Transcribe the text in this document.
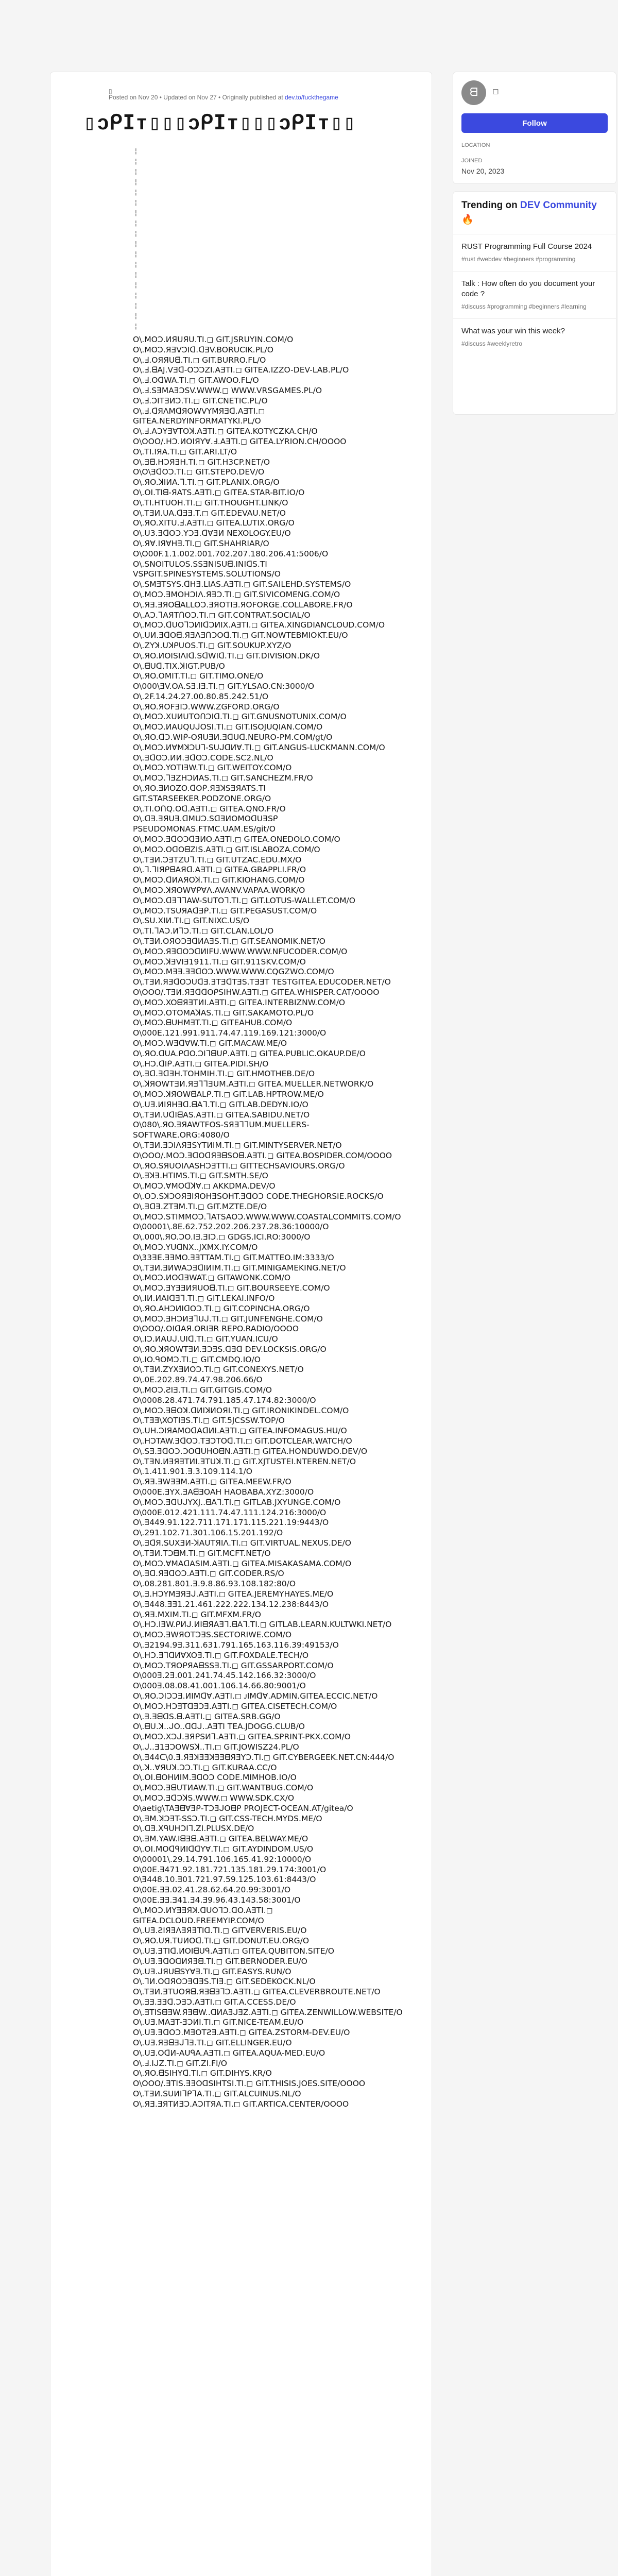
▯
Posted on Nov 20 • Updated on Nov 27 • Originally published at dev.to/fuckthegame
▯ᴐᑭIᴛ▯▯▯ᴐᑭIᴛ▯▯▯ᴐᑭIᴛ▯▯
¦
¦
¦
¦
¦
¦
¦
¦
¦
¦
¦
¦
¦
¦
¦
¦
¦
¦
O\.MOƆ.ИЯUЯU.TI.◻ GIT.JSRUYIN.COM/O
O\.MOƆ.ЯƎVƆIᗡ.ᗡƎV.BORUCIK.PL/O
O\.Ⅎ.OЯЯUᗺ.TI.◻ GIT.BURRO.FL/O
O\.Ⅎ.ᗺAJ.VƎᗡ-OƆƆZI.AƎTI.◻ GITEA.IZZO-DEV-LAB.PL/O
O\.Ⅎ.OᗡWA.TI.◻ GIT.AWOO.FL/O
O\.Ⅎ.SƎMAƎƆSV.WWW.◻ WWW.VRSGAMES.PL/O
O\.Ⅎ.ƆITƎИƆ.TI.◻ GIT.CNETIC.PL/O
O\.Ⅎ.ᗡЯΛMᗡЯOWVYMЯƎᗡ.AƎTI.◻
GITEA.NERDYINFORMATYKI.PL/O
O\.Ⅎ.AƆYƎⱯTOꓘ.AƎTI.◻ GITEA.KOTYCZKA.CH/O
O\OOO/.HƆ.ИOIЯYⱯ.Ⅎ.AƎTI.◻ GITEA.LYRION.CH/OOOO
O\.TI.IЯA.TI.◻ GIT.ARI.LT/O
O\.Ǝᗺ.HƆЯƎH.TI.◻ GIT.H3CP.NET/O
O\O\ƎᗡOƆ.TI.◻ GIT.STEPO.DEV/O
O\.ЯO.ꓘIИA.ᒣ.TI.◻ GIT.PLANIX.ORG/O
O\.OI.TIᗺ-ЯATS.AƎTI.◻ GITEA.STAR-BIT.IO/O
O\.TI.HTUOH.TI.◻ GIT.THOUGHT.LINK/O
O\.TƎИ.UA.ᗡƎƎ.T.◻ GIT.EDEVAU.NET/O
O\.ЯO.XITU.Ⅎ.AƎTI.◻ GITEA.LUTIX.ORG/O
O\.U3.ƎᗡOƆ.YƆƎ.ᗡⱯƎИ NEXOLOGY.EU/O
O\.ЯⱯ.IЯⱯHƎ.TI.◻ GIT.SHAHRIAR/O
O\O00F.1.1.002.001.702.207.180.206.41:5006/O
O\.SNOITULOS.SSƎNISUᗺ.INIᗡS.TI
VSPGIT.SPINESYSTEMS.SOLUTIONS/O
O\.SMƎTSYS.ᗡHƎ.LIAS.AƎTI.◻ GIT.SAILEHD.SYSTEMS/O
O\.MOƆ.ƎMOHƆIΛ.ЯƎƆ.TI.◻ GIT.SIVICOMENG.COM/O
O\.ЯƎ.ƎЯOᗺALLOƆ.ƎЯOTIƎ.ЯOFORGE.COLLABORE.FR/O
O\.AƆ.ᒣAЯTᑎOƆ.TI.◻ GIT.CONTRAT.SOCIAL/O
O\.MOƆ.ᗡUOᒣƆИIᗡƆИIX.AƎTI.◻ GITEA.XINGDIANCLOUD.COM/O
O\.UИ.ƎᗡOᗺ.ЯƎΛƎᑎƆOᗡ.TI.◻ GIT.NOWTEBMIOKT.EU/O
O\.ZYꓘ.UꓘᑭUOS.TI.◻ GIT.SOUKUP.XYZ/O
O\.ЯO.ИOISIΛIᗡ.SᗡWIᗡ.TI.◻ GIT.DIVISION.DK/O
O\.ᗺUᗡ.TIX.ꓘIGT.PUB/O
O\.ЯO.OMIT.TI.◻ GIT.TIMO.ONE/O
O\000\ƎV.OA.SƎ.IƎ.TI.◻ GIT.YLSAO.CN:3000/O
O\.2F.14.24.27.00.80.85.242.51/O
O\.ЯO.ЯOFƎIƆ.WWW.ZGFORD.ORG/O
O\.MOƆ.XUИUTOᑎƆIᗡ.TI.◻ GIT.GNUSNOTUNIX.COM/O
O\.MOƆ.ИAUQUᒍOSI.TI.◻ GIT.ISOJUQIAN.COM/O
O\.ЯO.ᗡƆ.WIᑭ-OЯUƎИ.ƎᗡUᗡ.NEURO-PM.COM/gt/O
O\.MOƆ.ИⱯMꓘƆUᒣ-SUᒍᗡИⱯ.TI.◻ GIT.ANGUS-LUCKMANN.COM/O
O\.ƎᗡOƆ.ИИ.ƎᗡOƆ.CODE.SC2.NL/O
O\.MOƆ.YOTIƎW.TI.◻ GIT.WEITOY.COM/O
O\.MOƆ.ᒣƎZHƆИAS.TI.◻ GIT.SANCHEZM.FR/O
O\.ЯO.ƎИOZO.ᗡOᑭ.ЯƎꓘSƎЯATS.TI
GIT.STARSEEKER.PODZONE.ORG/O
O\.TI.OᑎQ.Oᗡ.AƎTI.◻ GITEA.QNO.FR/O
O\.ᗡƎ.ƎЯUƎ.ᗡMUƆ.SᗡƎИOMOᗡUƎSᑭ
PSEUDOMONAS.FTMC.UAM.ES/git/O
O\.MOƆ.ƎᗡOƆᗡƎИO.AƎTI.◻ GITEA.ONEDOLO.COM/O
O\.MOƆ.OᗡOᗺZIS.AƎTI.◻ GIT.ISLABOZA.COM/O
O\.TƎИ.ƆƎTZUᒣ.TI.◻ GIT.UTZAC.EDU.MX/O
O\.ᒣ.ᒣIЯᑭᗺAЯᗡ.AƎTI.◻ GITEA.GBAPPLI.FR/O
O\.MOƆ.ᗡИAЯOꓘ.TI.◻ GIT.KIOHANG.COM/O
O\.MOƆ.ꓘЯOWⱯᑭⱯΛ.AVANV.VAPAA.WORK/O
O\.MOƆ.ᗡƎᒣᒣAW-SUTOᒣ.TI.◻ GIT.LOTUS-WALLET.COM/O
O\.MOƆ.TSUЯAᗡƎᑭ.TI.◻ GIT.PEGASUST.COM/O
O\.SU.XIИ.TI.◻ GIT.NIXC.US/O
O\.TI.ᒣAƆ.ИᒣƆ.TI.◻ GIT.CLAN.LOL/O
O\.TƎИ.OЯOƆƎᗡИAƎS.TI.◻ GIT.SEANOMIK.NET/O
O\.MOƆ.ЯƎᗡOƆᗡИIFU.WWW.WWW.NFUCODER.COM/O
O\.MOƆ.ꓘƎVIƎ1911.TI.◻ GIT.911SKV.COM/O
O\.MOƆ.MƎƎ.ƎƎᗡOƆ.WWW.WWW.CQGZWO.COM/O
O\.TƎИ.ЯƎᗡOƆUᗡƎ.ƎTƎᗡTƎS.TƎƎT TESTGITEA.EDUCODER.NET/O
O\OOO/.TƎИ.ЯƎᗡᗡOᑭSIHW.AƎTI.◻ GITEA.WHISPER.CAT/OOOO
O\.MOƆ.XOᗺЯƎTИI.AƎTI.◻ GITEA.INTERBIZNW.COM/O
O\.MOƆ.OTOMAꓘAS.TI.◻ GIT.SAKAMOTO.PL/O
O\.MOƆ.ᗺUHMƎT.TI.◻ GITEAHUB.COM/O
O\000E.121.991.911.74.47.119.169.121:3000/O
O\.MOƆ.WƎᗡⱯW.TI.◻ GIT.MACAW.ME/O
O\.ЯO.ᗡUA.ᑭᗡO.ƆIᒣᗺUᑭ.AƎTI.◻ GITEA.PUBLIC.OKAUP.DE/O
O\.HƆ.ᗡIᑭ.AƎTI.◻ GITEA.PIDI.SH/O
O\.Ǝᗡ.ƎᗡƎH.TOHMIH.TI.◻ GIT.HMOTHEB.DE/O
O\.ꓘЯOWTƎИ.ЯƎᒣᒣƎUM.AƎTI.◻ GITEA.MUELLER.NETWORK/O
O\.MOƆ.ꓘЯOWᗺALᑭ.TI.◻ GIT.LAB.HPTROW.ME/O
O\.UƎ.ИIЯHƎᗡ.ᗺAᒣ.TI.◻ GITLAB.DEDYN.IO/O
O\.TƎИ.UᗡIᗺAS.AƎTI.◻ GITEA.SABIDU.NET/O
O\080\.ЯO.ƎЯAWTFOS-SЯƎᒣᒣUM.MUELLERS-
SOFTWARE.ORG:4080/O
O\.TƎИ.ƎƆIΛЯƎSYTИIM.TI.◻ GIT.MINTYSERVER.NET/O
O\OOO/.MOƆ.ƎᗡOᗡЯƎᗺSOᗺ.AƎTI.◻ GITEA.BOSPIDER.COM/OOOO
O\.ЯO.SЯUOIΛASHƆƎTTI.◻ GITTECHSAVIOURS.ORG/O
O\.ƎꓘƎ.HTIMS.TI.◻ GIT.SMTH.SE/O
O\.MOƆ.ⱯMOᗡꓘⱯ.◻ AKKDMA.DEV/O
O\.OƆ.SꓘƆOЯƎIЯOHƎSOHT.ƎᗡOƆ CODE.THEGHORSIE.ROCKS/O
O\.ƎᗡƎ.ZTƎM.TI.◻ GIT.MZTE.DE/O
O\.MOƆ.STIMMOƆ.ᒣATSAOƆ.WWW.WWW.COASTALCOMMITS.COM/O
O\00001\.8E.62.752.202.206.237.28.36:10000/O
O\.000\.ЯO.ƆO.IƎ.ƎIƆ.◻ GDGS.ICI.RO:3000/O
O\.MOƆ.YUᗡNX..JXMX.IY.COM/O
O\33ƎE.ƎƎMO.ƎƎTTAM.TI.◻ GIT.MATTEO.IM:3333/O
O\.TƎИ.ƎИWAƆƎᗡIИIM.TI.◻ GIT.MINIGAMEKING.NET/O
O\.MOƆ.ИOᗡƎWAT.◻ GITAWONK.COM/O
O\.MOƆ.ƎYƎƎИЯUOᗺ.TI.◻ GIT.BOURSEEYE.COM/O
O\.IИ.ИAIᗡƎᒣ.TI.◻ GIT.LEKAI.INFO/O
O\.ЯO.AHƆИIᗡOƆ.TI.◻ GIT.COPINCHA.ORG/O
O\.MOƆ.ƎHƆИƎᒣUᒍ.TI.◻ GIT.JUNFENGHE.COM/O
O\OOO/.OIᗡAЯ.ORIƎR REPO.RADIO/OOOO
O\.IƆ.ИAUᒍ.UIᗡ.TI.◻ GIT.YUAN.ICU/O
O\.ЯO.ꓘЯOWTƎИ.ƎƆƎS.ᗡƎᗡ DEV.LOCKSIS.ORG/O
O\.IO.ᑫOMƆ.TI.◻ GIT.CMDQ.IO/O
O\.TƎИ.ZYXƎИOƆ.TI.◻ GIT.CONEXYS.NET/O
O\.0E.202.89.74.47.98.206.66/O
O\.MOƆ.ƧIƎ.TI.◻ GIT.GITGIS.COM/O
O\0008.28.471.74.791.185.47.174.82:3000/O
O\.MOƆ.ƎᗺOꓘ.ᗡИIꓘИOЯI.TI.◻ GIT.IRONIKINDEL.COM/O
O\.TƎƎ\XOTIƎS.TI.◻ GIT.5JCSSW.TOP/O
O\.UH.ƆIЯAMOᗡAᗡИI.AƎTI.◻ GITEA.INFOMAGUS.HU/O
O\.HƆTAW.ƎᗡOƆ.TƎƆTOᗡ.TI.◻ GIT.DOTCLEAR.WATCH/O
O\.SƎ.ƎᗡOƆ.ƆOᗡUHOᗺN.AƎTI.◻ GITEA.HONDUWDO.DEV/O
O\.TƎN.ИƎЯƎTИI.ƎTUꓘ.TI.◻ GIT.XJTUSTEI.NTEREN.NET/O
O\.1.411.901.Ǝ.3.109.114.1/O
O\.ЯƎ.ƎWƎƎM.AƎTI.◻ GITEA.MEEW.FR/O
O\000E.ƎYX.ƎAᗺƎOAH HAOBABA.XYZ:3000/O
O\.MOƆ.ƎᗡUᒍYXJ..ᗺAᒣ.TI.◻ GITLAB.JXYUNGE.COM/O
O\000E.012.421.111.74.47.111.124.216:3000/O
O\.Ǝ449.91.122.711.171.171.115.221.19:9443/O
O\.291.102.71.301.106.15.201.192/O
O\.ƎᗡЯ.SUXƎИ-ꓘAUTЯIΛ.TI.◻ GIT.VIRTUAL.NEXUS.DE/O
O\.TƎИ.TƆᗺM.TI.◻ GIT.MCFT.NET/O
O\.MOƆ.ⱯMAᗡASIM.AƎTI.◻ GITEA.MISAKASAMA.COM/O
O\.Ǝᗡ.ЯƎᗡOƆ.AƎTI.◻ GIT.CODER.RS/O
O\.08.281.801.Ǝ.9.8.86.93.108.182:80/O
O\.Ǝ.HƆYMƎЯƎᒍ.AƎTI.◻ GITEA.JEREMYHAYES.ME/O
O\.Ǝ448.ƎƎ1.21.461.222.222.134.12.238:8443/O
O\.ЯƎ.MXIM.TI.◻ GIT.MFXM.FR/O
O\.HƆ.IƎW.ᑭИᒍ.ИIᗺЯAƎᒣ.ᗺAᒣ.TI.◻ GITLAB.LEARN.KULTWKI.NET/O
O\.MOƆ.ƎWЯOTƆƎS.SECTORIWE.COM/O
O\.Ǝ2194.9Ǝ.311.631.791.165.163.116.39:49153/O
O\.HƆ.ƎᒣᗡИⱯXOƎ.TI.◻ GIT.FOXDALE.TECH/O
O\.MOƆ.TЯOᑭЯAᗺSSƎ.TI.◻ GIT.GSSARPORT.COM/O
O\000Ǝ.2Ǝ.001.241.74.45.142.166.32:3000/O
O\000Ǝ.08.08.41.001.106.14.66.80:9001/O
O\.ЯO.ƆIƆƆƎ.ИIMᗡⱯ.AƎTI.◻ ᴊIMᗡⱯ.ADMIN.GITEA.ECCIC.NET/O
O\.MOƆ.HƆƎTᗡƎƆƎ.AƎTI.◻ GITEA.CISETECH.COM/O
O\.Ǝ.ƎᗺᗡS.ᗺ.AƎTI.◻ GITEA.SRB.GG/O
O\.ᗺU.ꓘ..ᒍO..ᗡᗡᒍ..AƎTI TEA.JDOGG.CLUB/O
O\.MOƆ.XƆᒍ.ƎЯᑭSИᒣ.AƎTI.◻ GITEA.SPRINT-PKX.COM/O
O\.ᒍ..Ǝ1ƎƆOWSꓘ..TI.◻ GIT.JOWISZ24.PL/O
O\.Ǝ44ᑕ\0.Ǝ.ЯƎꓘƎƎꓘƎƎᗺЯƎYƆ.TI.◻ GIT.CYBERGEEK.NET.CN:444/O
O\.ꓘ..ⱯЯUꓘ.ƆƆ.TI.◻ GIT.KURAA.CC/O
O\.OI.ᗺOHИIM.ƎᗡOƆ CODE.MIMHOB.IO/O
O\.MOƆ.ƎᗺUTИAW.TI.◻ GIT.WANTBUG.COM/O
O\.MOƆ.ƎᗡƆꓘS.WWW.◻ WWW.SDK.CX/O
O\aetig\TAƎᗺⱯƎᑭ-TƆƎᒍOᗺᑭ PROJECT-OCEAN.AT/gitea/O
O\.ƎM.ꓘƆƎT-SSƆ.TI.◻ GIT.CSS-TECH.MYDS.ME/O
O\.ᗡƎ.XᑫUHƆIᒣ.ZI.PLUSX.DE/O
O\.ƎM.YAW.IᗺƎᗺ.AƎTI.◻ GITEA.BELWAY.ME/O
O\.OI.MOᗡᑫИIᗡᗡYⱯ.TI.◻ GIT.AYDINDOM.US/O
O\00001\.29.14.791.106.165.41.92:10000/O
O\00E.Ǝ471.92.181.721.135.181.29.174:3001/O
O\Ǝ448.10.Ǝ01.721.97.59.125.103.61:8443/O
O\00E.ƎƎ.02.41.28.62.64.20.99:3001/O
O\00E.ƎƎ.Ǝ41.Ǝ4.Ǝ9.96.43.143.58:3001/O
O\.MOƆ.ИYƎƎЯꓘ.ᗡUOᒣƆ.ᗡO.AƎTI.◻
GITEA.DCLOUD.FREEMYIP.COM/O
O\.UƎ.ƧIЯƎΛƎЯƎTIᗡ.TI.◻ GITVERVERIS.EU/O
O\.ЯO.UЯ.TUИOᗡ.TI.◻ GIT.DONUT.EU.ORG/O
O\.UƎ.ƎTIᗡ.ИOIᗺUᑫ.AƎTI.◻ GITEA.QUBITON.SITE/O
O\.UƎ.ƎᗡOᗡИЯƎᗺ.TI.◻ GIT.BERNODER.EU/O
O\.UƎ.ᒍЯUᗺSYⱯƎ.TI.◻ GIT.EASYS.RUN/O
O\.ᒣИ.OᗡЯOƆƎᗡƎS.TIƎ.◻ GIT.SEDEKOCK.NL/O
O\.TƎИ.ƎTUOЯᗺ.ЯƎᗺƎᒣƆ.AƎTI.◻ GITEA.CLEVERBROUTE.NET/O
O\.ƎƎ.ƎƎᗡ.ƆƎƆ.AƎTI.◻ GIT.A.CCESS.DE/O
O\.ƎTISᗺƎW.ЯƎᗺW..ᗡИAƎᒍƎZ.AƎTI.◻ GITEA.ZENWILLOW.WEBSITE/O
O\.UƎ.MAƎT-ƎƆИI.TI.◻ GIT.NICE-TEAM.EU/O
O\.UƎ.ƎᗡOƆ.MƎOTƧƎ.AƎTI.◻ GITEA.ZSTORM-DEV.EU/O
O\.UƎ.ЯƎᗺƎᒍᒣƎ.TI.◻ GIT.ELLINGER.EU/O
O\.UƎ.OᗡИ-AUᑫA.AƎTI.◻ GITEA.AQUA-MED.EU/O
O\.Ⅎ.IᒍZ.TI.◻ GIT.ZI.FI/O
O\.ЯO.ᗺSIHYᗡ.TI.◻ GIT.DIHYS.KR/O
O\OOO/.ƎTIS.ƎƎOᗡSIHTSI.TI.◻ GIT.THISIS.JOES.SITE/OOOO
O\.TƎИ.SUИIᒣᑭᒣA.TI.◻ GIT.ALCUINUS.NL/O
O\.ЯƎ.ƎЯTИƎƆ.AƆITЯA.TI.◻ GIT.ARTICA.CENTER/OOOO
ᗺ	◻
Follow
LOCATION
JOINED
Nov 20, 2023
Trending on DEV Community
🔥
RUST Programming Full Course 2024
#rust #webdev #beginners #programming
Talk : How often do you document your code ?
#discuss #programming #beginners #learning
What was your win this week?
#discuss #weeklyretro
